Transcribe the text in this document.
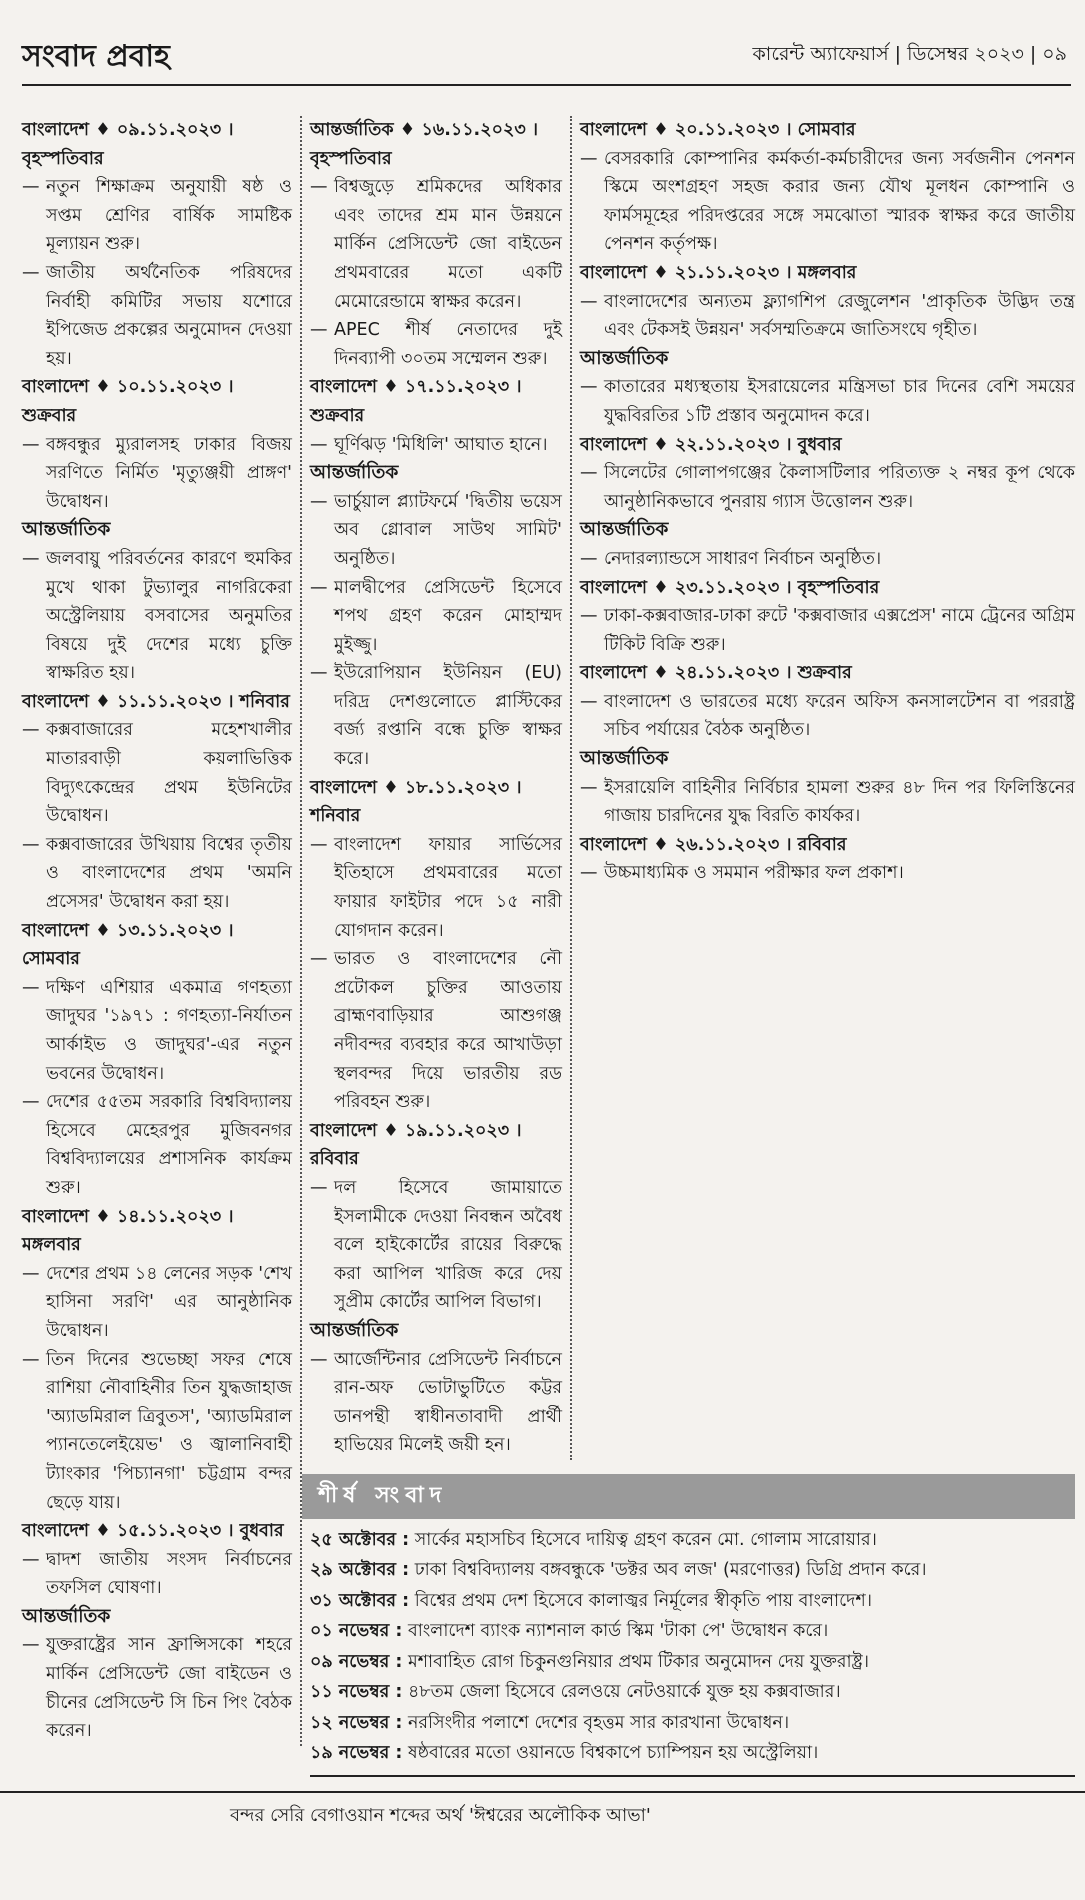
সংবাদ প্রবাহ	কারেন্ট অ্যাফেয়ার্স | ডিসেম্বর ২০২৩ | ০৯
বাংলাদেশ ♦ ০৯.১১.২০২৩ । বৃহস্পতিবার
— নতুন শিক্ষাক্রম অনুযায়ী ষষ্ঠ ও সপ্তম শ্রেণির বার্ষিক সামষ্টিক মূল্যায়ন শুরু।
— জাতীয় অর্থনৈতিক পরিষদের নির্বাহী কমিটির সভায় যশোরে ইপিজেড প্রকল্পের অনুমোদন দেওয়া হয়।
বাংলাদেশ ♦ ১০.১১.২০২৩ । শুক্রবার
— বঙ্গবন্ধুর ম্যুরালসহ ঢাকার বিজয় সরণিতে নির্মিত 'মৃত্যুঞ্জয়ী প্রাঙ্গণ' উদ্বোধন।
আন্তর্জাতিক
— জলবায়ু পরিবর্তনের কারণে হুমকির মুখে থাকা টুভ্যালুর নাগরিকেরা অস্ট্রেলিয়ায় বসবাসের অনুমতির বিষয়ে দুই দেশের মধ্যে চুক্তি স্বাক্ষরিত হয়।
বাংলাদেশ ♦ ১১.১১.২০২৩ । শনিবার
— কক্সবাজারের মহেশখালীর মাতারবাড়ী কয়লাভিত্তিক বিদ্যুৎকেন্দ্রের প্রথম ইউনিটের উদ্বোধন।
— কক্সবাজারের উখিয়ায় বিশ্বের তৃতীয় ও বাংলাদেশের প্রথম 'অমনি প্রসেসর' উদ্বোধন করা হয়।
বাংলাদেশ ♦ ১৩.১১.২০২৩ । সোমবার
— দক্ষিণ এশিয়ার একমাত্র গণহত্যা জাদুঘর '১৯৭১ : গণহত্যা-নির্যাতন আর্কাইভ ও জাদুঘর'-এর নতুন ভবনের উদ্বোধন।
— দেশের ৫৫তম সরকারি বিশ্ববিদ্যালয় হিসেবে মেহেরপুর মুজিবনগর বিশ্ববিদ্যালয়ের প্রশাসনিক কার্যক্রম শুরু।
বাংলাদেশ ♦ ১৪.১১.২০২৩ । মঙ্গলবার
— দেশের প্রথম ১৪ লেনের সড়ক 'শেখ হাসিনা সরণি' এর আনুষ্ঠানিক উদ্বোধন।
— তিন দিনের শুভেচ্ছা সফর শেষে রাশিয়া নৌবাহিনীর তিন যুদ্ধজাহাজ 'অ্যাডমিরাল ত্রিবুতস', 'অ্যাডমিরাল প্যানতেলেইয়েভ' ও জ্বালানিবাহী ট্যাংকার 'পিচ্যানগা' চট্টগ্রাম বন্দর ছেড়ে যায়।
বাংলাদেশ ♦ ১৫.১১.২০২৩ । বুধবার
— দ্বাদশ জাতীয় সংসদ নির্বাচনের তফসিল ঘোষণা।
আন্তর্জাতিক
— যুক্তরাষ্ট্রের সান ফ্রান্সিসকো শহরে মার্কিন প্রেসিডেন্ট জো বাইডেন ও চীনের প্রেসিডেন্ট সি চিন পিং বৈঠক করেন।
আন্তর্জাতিক ♦ ১৬.১১.২০২৩ । বৃহস্পতিবার
— বিশ্বজুড়ে শ্রমিকদের অধিকার এবং তাদের শ্রম মান উন্নয়নে মার্কিন প্রেসিডেন্ট জো বাইডেন প্রথমবারের মতো একটি মেমোরেন্ডামে স্বাক্ষর করেন।
— APEC শীর্ষ নেতাদের দুই দিনব্যাপী ৩০তম সম্মেলন শুরু।
বাংলাদেশ ♦ ১৭.১১.২০২৩ । শুক্রবার
— ঘূর্ণিঝড় 'মিধিলি' আঘাত হানে।
আন্তর্জাতিক
— ভার্চুয়াল প্ল্যাটফর্মে 'দ্বিতীয় ভয়েস অব গ্লোবাল সাউথ সামিট' অনুষ্ঠিত।
— মালদ্বীপের প্রেসিডেন্ট হিসেবে শপথ গ্রহণ করেন মোহাম্মদ মুইজ্জু।
— ইউরোপিয়ান ইউনিয়ন (EU) দরিদ্র দেশগুলোতে প্লাস্টিকের বর্জ্য রপ্তানি বন্ধে চুক্তি স্বাক্ষর করে।
বাংলাদেশ ♦ ১৮.১১.২০২৩ । শনিবার
— বাংলাদেশ ফায়ার সার্ভিসের ইতিহাসে প্রথমবারের মতো ফায়ার ফাইটার পদে ১৫ নারী যোগদান করেন।
— ভারত ও বাংলাদেশের নৌ প্রটোকল চুক্তির আওতায় ব্রাহ্মণবাড়িয়ার আশুগঞ্জ নদীবন্দর ব্যবহার করে আখাউড়া স্থলবন্দর দিয়ে ভারতীয় রড পরিবহন শুরু।
বাংলাদেশ ♦ ১৯.১১.২০২৩ । রবিবার
— দল হিসেবে জামায়াতে ইসলামীকে দেওয়া নিবন্ধন অবৈধ বলে হাইকোর্টের রায়ের বিরুদ্ধে করা আপিল খারিজ করে দেয় সুপ্রীম কোর্টের আপিল বিভাগ।
আন্তর্জাতিক
— আর্জেন্টিনার প্রেসিডেন্ট নির্বাচনে রান-অফ ভোটাভুটিতে কট্টর ডানপন্থী স্বাধীনতাবাদী প্রার্থী হাভিয়ের মিলেই জয়ী হন।
বাংলাদেশ ♦ ২০.১১.২০২৩ । সোমবার
— বেসরকারি কোম্পানির কর্মকর্তা-কর্মচারীদের জন্য সর্বজনীন পেনশন স্কিমে অংশগ্রহণ সহজ করার জন্য যৌথ মূলধন কোম্পানি ও ফার্মসমূহের পরিদপ্তরের সঙ্গে সমঝোতা স্মারক স্বাক্ষর করে জাতীয় পেনশন কর্তৃপক্ষ।
বাংলাদেশ ♦ ২১.১১.২০২৩ । মঙ্গলবার
— বাংলাদেশের অন্যতম ফ্ল্যাগশিপ রেজুলেশন 'প্রাকৃতিক উদ্ভিদ তন্ত্র এবং টেকসই উন্নয়ন' সর্বসম্মতিক্রমে জাতিসংঘে গৃহীত।
আন্তর্জাতিক
— কাতারের মধ্যস্থতায় ইসরায়েলের মন্ত্রিসভা চার দিনের বেশি সময়ের যুদ্ধবিরতির ১টি প্রস্তাব অনুমোদন করে।
বাংলাদেশ ♦ ২২.১১.২০২৩ । বুধবার
— সিলেটের গোলাপগঞ্জের কৈলাসটিলার পরিত্যক্ত ২ নম্বর কূপ থেকে আনুষ্ঠানিকভাবে পুনরায় গ্যাস উত্তোলন শুরু।
আন্তর্জাতিক
— নেদারল্যান্ডসে সাধারণ নির্বাচন অনুষ্ঠিত।
বাংলাদেশ ♦ ২৩.১১.২০২৩ । বৃহস্পতিবার
— ঢাকা-কক্সবাজার-ঢাকা রুটে 'কক্সবাজার এক্সপ্রেস' নামে ট্রেনের অগ্রিম টিকিট বিক্রি শুরু।
বাংলাদেশ ♦ ২৪.১১.২০২৩ । শুক্রবার
— বাংলাদেশ ও ভারতের মধ্যে ফরেন অফিস কনসালটেশন বা পররাষ্ট্র সচিব পর্যায়ের বৈঠক অনুষ্ঠিত।
আন্তর্জাতিক
— ইসরায়েলি বাহিনীর নির্বিচার হামলা শুরুর ৪৮ দিন পর ফিলিস্তিনের গাজায় চারদিনের যুদ্ধ বিরতি কার্যকর।
বাংলাদেশ ♦ ২৬.১১.২০২৩ । রবিবার
— উচ্চমাধ্যমিক ও সমমান পরীক্ষার ফল প্রকাশ।
শীর্ষ সংবাদ
২৫ অক্টোবর : সার্কের মহাসচিব হিসেবে দায়িত্ব গ্রহণ করেন মো. গোলাম সারোয়ার।
২৯ অক্টোবর : ঢাকা বিশ্ববিদ্যালয় বঙ্গবন্ধুকে 'ডক্টর অব লজ' (মরণোত্তর) ডিগ্রি প্রদান করে।
৩১ অক্টোবর : বিশ্বের প্রথম দেশ হিসেবে কালাজ্বর নির্মূলের স্বীকৃতি পায় বাংলাদেশ।
০১ নভেম্বর : বাংলাদেশ ব্যাংক ন্যাশনাল কার্ড স্কিম 'টাকা পে' উদ্বোধন করে।
০৯ নভেম্বর : মশাবাহিত রোগ চিকুনগুনিয়ার প্রথম টিকার অনুমোদন দেয় যুক্তরাষ্ট্র।
১১ নভেম্বর : ৪৮তম জেলা হিসেবে রেলওয়ে নেটওয়ার্কে যুক্ত হয় কক্সবাজার।
১২ নভেম্বর : নরসিংদীর পলাশে দেশের বৃহত্তম সার কারখানা উদ্বোধন।
১৯ নভেম্বর : ষষ্ঠবারের মতো ওয়ানডে বিশ্বকাপে চ্যাম্পিয়ন হয় অস্ট্রেলিয়া।
বন্দর সেরি বেগাওয়ান শব্দের অর্থ 'ঈশ্বরের অলৌকিক আভা'
